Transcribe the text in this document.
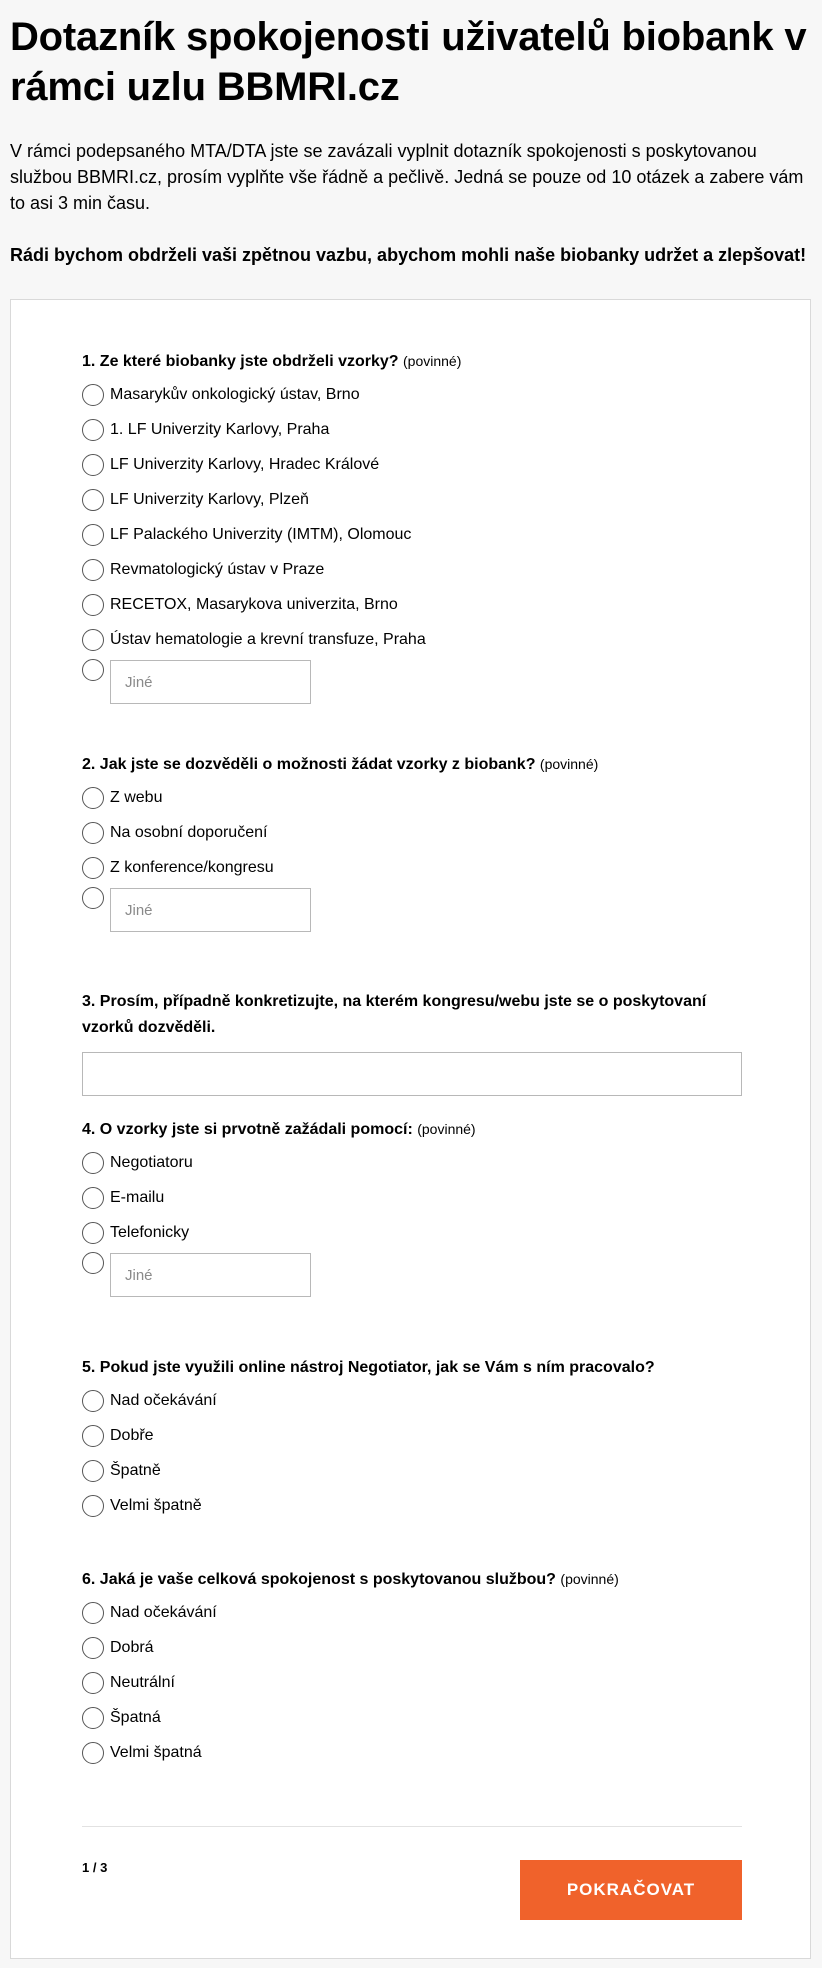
Dotazník spokojenosti uživatelů biobank v rámci uzlu BBMRI.cz

V rámci podepsaného MTA/DTA jste se zavázali vyplnit dotazník spokojenosti s poskytovanou službou BBMRI.cz, prosím vyplňte vše řádně a pečlivě. Jedná se pouze od 10 otázek a zabere vám to asi 3 min času.

Rádi bychom obdrželi vaši zpětnou vazbu, abychom mohli naše biobanky udržet a zlepšovat!

1. Ze které biobanky jste obdrželi vzorky? (povinné)
Masarykův onkologický ústav, Brno
1. LF Univerzity Karlovy, Praha
LF Univerzity Karlovy, Hradec Králové
LF Univerzity Karlovy, Plzeň
LF Palackého Univerzity (IMTM), Olomouc
Revmatologický ústav v Praze
RECETOX, Masarykova univerzita, Brno
Ústav hematologie a krevní transfuze, Praha
Jiné
2. Jak jste se dozvěděli o možnosti žádat vzorky z biobank? (povinné)
Z webu
Na osobní doporučení
Z konference/kongresu
Jiné
3. Prosím, případně konkretizujte, na kterém kongresu/webu jste se o poskytovaní vzorků dozvěděli.
4. O vzorky jste si prvotně zažádali pomocí: (povinné)
Negotiatoru
E-mailu
Telefonicky
Jiné
5. Pokud jste využili online nástroj Negotiator, jak se Vám s ním pracovalo?
Nad očekávání
Dobře
Špatně
Velmi špatně
6. Jaká je vaše celková spokojenost s poskytovanou službou? (povinné)
Nad očekávání
Dobrá
Neutrální
Špatná
Velmi špatná
1 / 3
POKRAČOVAT
